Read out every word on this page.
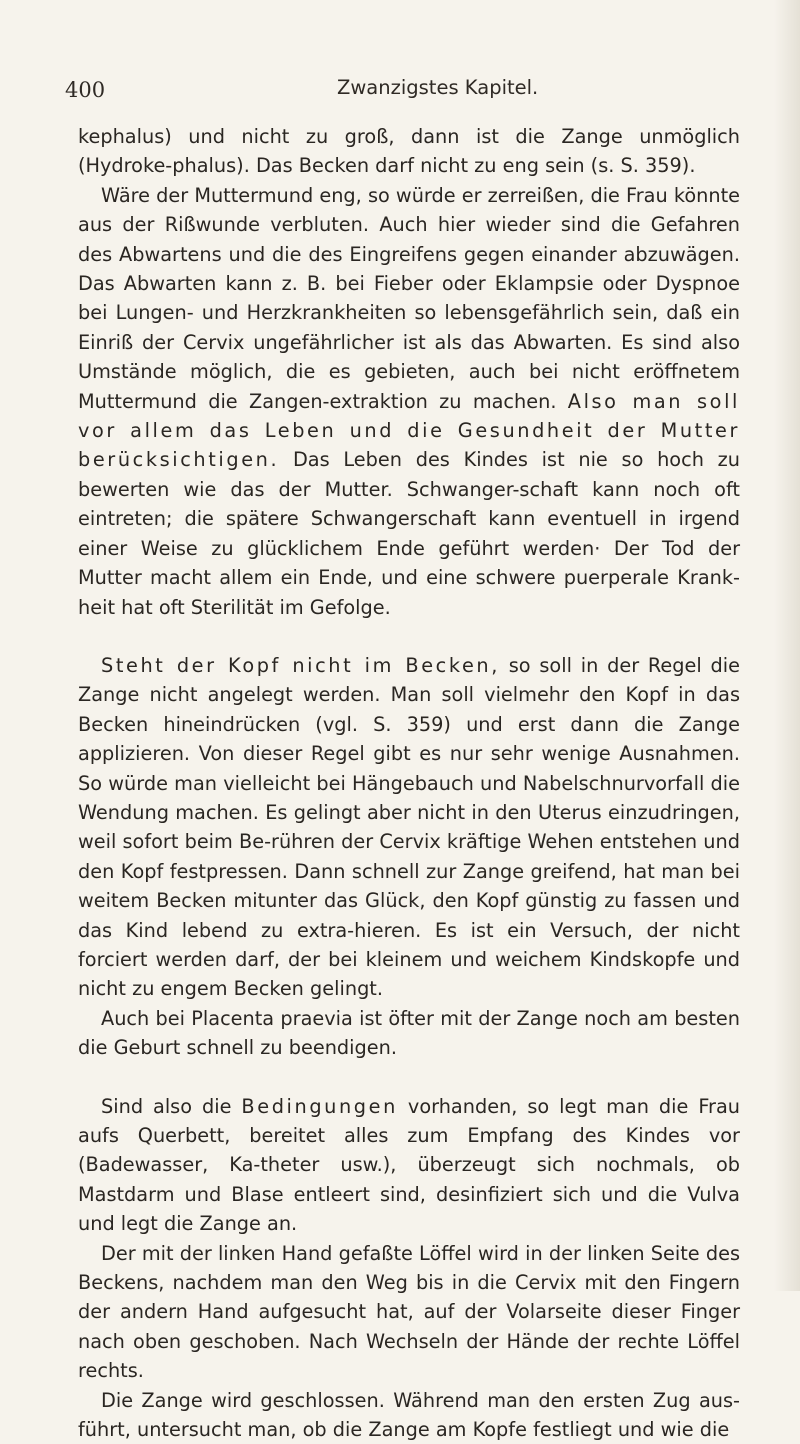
400	Zwanzigstes Kapitel.

kephalus) und nicht zu groß, dann ist die Zange unmöglich (Hydroke-phalus). Das Becken darf nicht zu eng sein (s. S. 359).

Wäre der Muttermund eng, so würde er zerreißen, die Frau könnte aus der Rißwunde verbluten. Auch hier wieder sind die Gefahren des Abwartens und die des Eingreifens gegen einander abzuwägen. Das Abwarten kann z. B. bei Fieber oder Eklampsie oder Dyspnoe bei Lungen- und Herzkrankheiten so lebensgefährlich sein, daß ein Einriß der Cervix ungefährlicher ist als das Abwarten. Es sind also Umstände möglich, die es gebieten, auch bei nicht eröffnetem Muttermund die Zangen-extraktion zu machen. Also man soll vor allem das Leben und die Gesundheit der Mutter berücksichtigen. Das Leben des Kindes ist nie so hoch zu bewerten wie das der Mutter. Schwanger-schaft kann noch oft eintreten; die spätere Schwangerschaft kann eventuell in irgend einer Weise zu glücklichem Ende geführt werden· Der Tod der Mutter macht allem ein Ende, und eine schwere puerperale Krank-heit hat oft Sterilität im Gefolge.

Steht der Kopf nicht im Becken, so soll in der Regel die Zange nicht angelegt werden. Man soll vielmehr den Kopf in das Becken hineindrücken (vgl. S. 359) und erst dann die Zange applizieren. Von dieser Regel gibt es nur sehr wenige Ausnahmen. So würde man vielleicht bei Hängebauch und Nabelschnurvorfall die Wendung machen. Es gelingt aber nicht in den Uterus einzudringen, weil sofort beim Be-rühren der Cervix kräftige Wehen entstehen und den Kopf festpressen. Dann schnell zur Zange greifend, hat man bei weitem Becken mitunter das Glück, den Kopf günstig zu fassen und das Kind lebend zu extra-hieren. Es ist ein Versuch, der nicht forciert werden darf, der bei kleinem und weichem Kindskopfe und nicht zu engem Becken gelingt.

Auch bei Placenta praevia ist öfter mit der Zange noch am besten die Geburt schnell zu beendigen.

Sind also die Bedingungen vorhanden, so legt man die Frau aufs Querbett, bereitet alles zum Empfang des Kindes vor (Badewasser, Ka-theter usw.), überzeugt sich nochmals, ob Mastdarm und Blase entleert sind, desinfiziert sich und die Vulva und legt die Zange an.

Der mit der linken Hand gefaßte Löffel wird in der linken Seite des Beckens, nachdem man den Weg bis in die Cervix mit den Fingern der andern Hand aufgesucht hat, auf der Volarseite dieser Finger nach oben geschoben. Nach Wechseln der Hände der rechte Löffel rechts.

Die Zange wird geschlossen. Während man den ersten Zug aus-führt, untersucht man, ob die Zange am Kopfe festliegt und wie die
